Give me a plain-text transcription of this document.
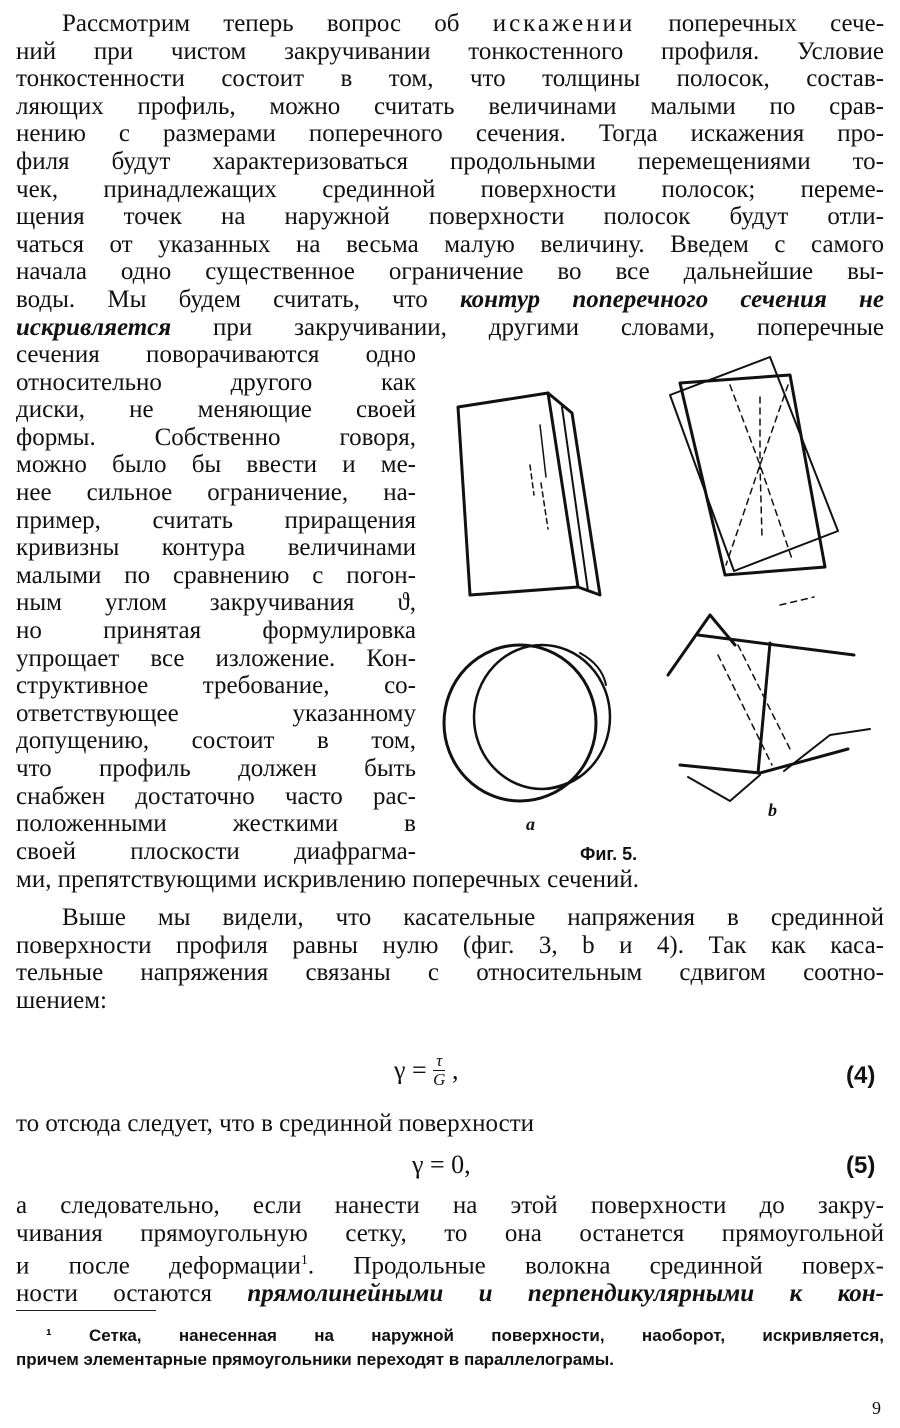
Рассмотрим теперь вопрос об искажении поперечных сече-
ний при чистом закручивании тонкостенного профиля. Условие
тонкостенности состоит в том, что толщины полосок, состав-
ляющих профиль, можно считать величинами малыми по срав-
нению с размерами поперечного сечения. Тогда искажения про-
филя будут характеризоваться продольными перемещениями то-
чек, принадлежащих срединной поверхности полосок; переме-
щения точек на наружной поверхности полосок будут отли-
чаться от указанных на весьма малую величину. Введем с самого
начала одно существенное ограничение во все дальнейшие вы-
воды. Мы будем считать, что контур поперечного сечения не
искривляется при закручивании, другими словами, поперечные
сечения поворачиваются одно
относительно другого как
диски, не меняющие своей
формы. Собственно говоря,
можно было бы ввести и ме-
нее сильное ограничение, на-
пример, считать приращения
кривизны контура величинами
малыми по сравнению с погон-
ным углом закручивания ϑ,
но принятая формулировка
упрощает все изложение. Кон-
структивное требование, со-
ответствующее указанному
допущению, состоит в том,
что профиль должен быть
снабжен достаточно часто рас-
положенными жесткими в
своей плоскости диафрагма-
ми, препятствующими искривлению поперечных сечений.
a
b
Фиг. 5.
Выше мы видели, что касательные напряжения в срединной
поверхности профиля равны нулю (фиг. 3, b и 4). Так как каса-
тельные напряжения связаны с относительным сдвигом соотно-
шением:
$\gamma = \frac{\tau}{G}$ ,	(4)
то отсюда следует, что в срединной поверхности
γ = 0,	(5)
а следовательно, если нанести на этой поверхности до закру-
чивания прямоугольную сетку, то она останется прямоугольной
и после деформации$^1$. Продольные волокна срединной поверх-
ности остаются прямолинейными и перпендикулярными к кон-
¹ Сетка, нанесенная на наружной поверхности, наоборот, искривляется,
причем элементарные прямоугольники переходят в параллелограмы.
9
